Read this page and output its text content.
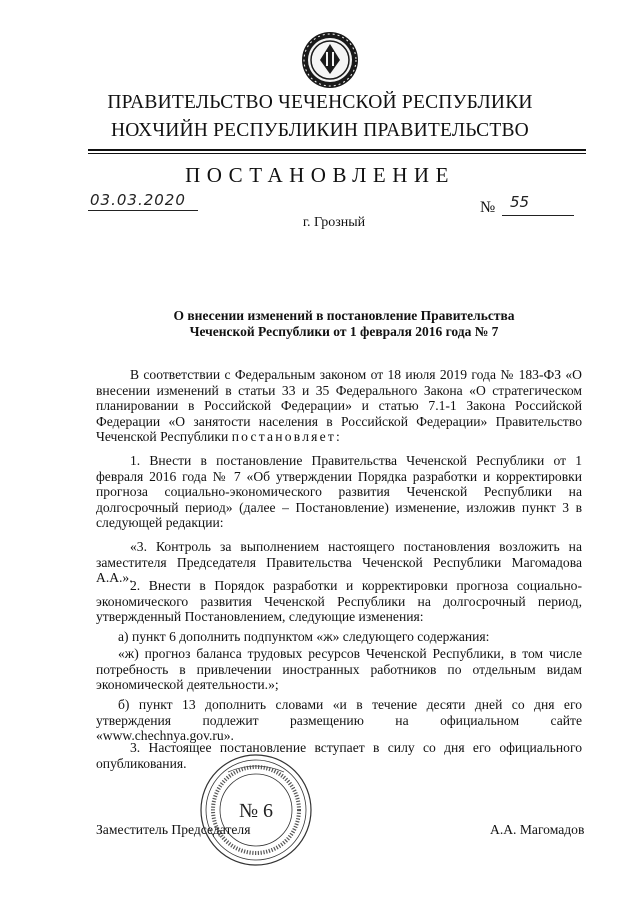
ПРАВИТЕЛЬСТВО ЧЕЧЕНСКОЙ РЕСПУБЛИКИ
НОХЧИЙН РЕСПУБЛИКИН ПРАВИТЕЛЬСТВО
ПОСТАНОВЛЕНИЕ
03.03.2020	№ 55
г. Грозный
О внесении изменений в постановление Правительства
Чеченской Республики от 1 февраля 2016 года № 7

В соответствии с Федеральным законом от 18 июля 2019 года № 183-ФЗ «О внесении изменений в статьи 33 и 35 Федерального Закона «О стратегическом планировании в Российской Федерации» и статью 7.1-1 Закона Российской Федерации «О занятости населения в Российской Федерации» Правительство Чеченской Республики постановляет:

1. Внести в постановление Правительства Чеченской Республики от 1 февраля 2016 года № 7 «Об утверждении Порядка разработки и корректировки прогноза социально-экономического развития Чеченской Республики на долгосрочный период» (далее – Постановление) изменение, изложив пункт 3 в следующей редакции:

«3. Контроль за выполнением настоящего постановления возложить на заместителя Председателя Правительства Чеченской Республики Магомадова А.А.».

2. Внести в Порядок разработки и корректировки прогноза социально-экономического развития Чеченской Республики на долгосрочный период, утвержденный Постановлением, следующие изменения:

а) пункт 6 дополнить подпунктом «ж» следующего содержания:

«ж) прогноз баланса трудовых ресурсов Чеченской Республики, в том числе потребность в привлечении иностранных работников по отдельным видам экономической деятельности.»;

б) пункт 13 дополнить словами «и в течение десяти дней со дня его утверждения подлежит размещению на официальном сайте «www.chechnya.gov.ru».

3. Настоящее постановление вступает в силу со дня его официального опубликования.

№ 6
Заместитель Председателя	А.А. Магомадов
